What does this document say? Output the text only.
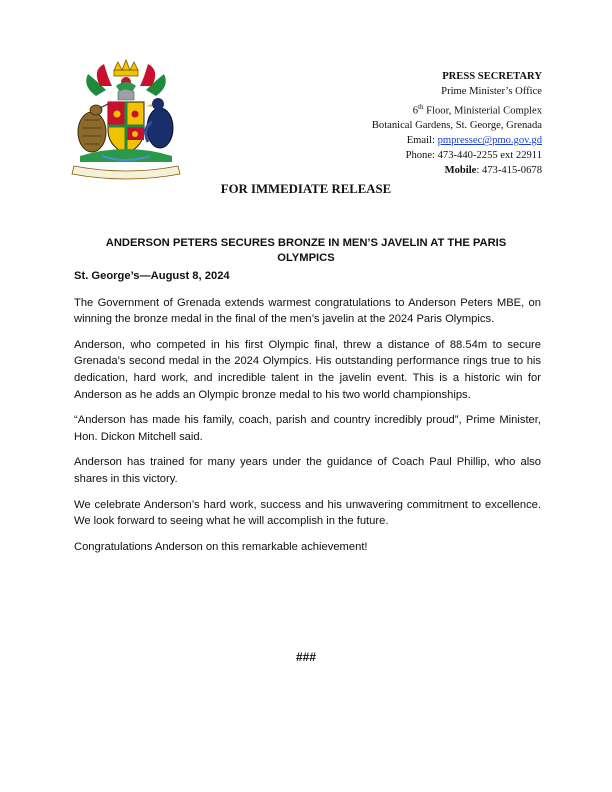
PRESS SECRETARY
Prime Minister’s Office
6th Floor, Ministerial Complex
Botanical Gardens, St. George, Grenada
Email: pmpressec@pmo.gov.gd
Phone: 473-440-2255 ext 22911
Mobile: 473-415-0678
FOR IMMEDIATE RELEASE
ANDERSON PETERS SECURES BRONZE IN MEN’S JAVELIN AT THE PARIS OLYMPICS

St. George’s—August 8, 2024

The Government of Grenada extends warmest congratulations to Anderson Peters MBE, on winning the bronze medal in the final of the men’s javelin at the 2024 Paris Olympics.

Anderson, who competed in his first Olympic final, threw a distance of 88.54m to secure Grenada’s second medal in the 2024 Olympics. His outstanding performance rings true to his dedication, hard work, and incredible talent in the javelin event. This is a historic win for Anderson as he adds an Olympic bronze medal to his two world championships.

“Anderson has made his family, coach, parish and country incredibly proud”, Prime Minister, Hon. Dickon Mitchell said.

Anderson has trained for many years under the guidance of Coach Paul Phillip, who also shares in this victory.

We celebrate Anderson’s hard work, success and his unwavering commitment to excellence. We look forward to seeing what he will accomplish in the future.

Congratulations Anderson on this remarkable achievement!

###
